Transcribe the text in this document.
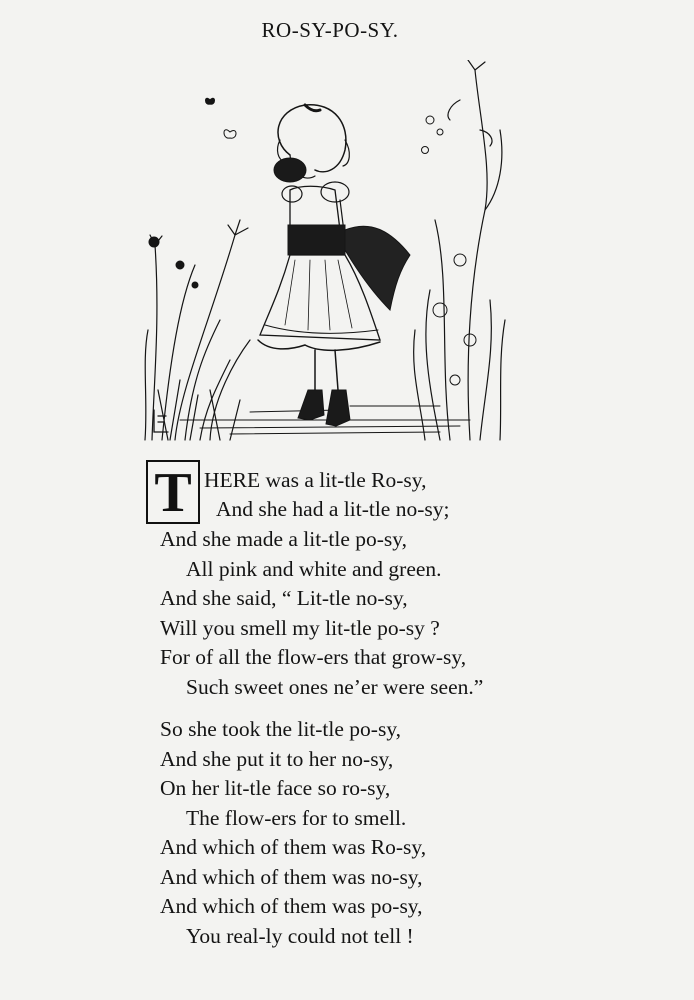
RO-SY-PO-SY.
T HERE was a lit-tle Ro-sy,
And she had a lit-tle no-sy;
And she made a lit-tle po-sy,
All pink and white and green.
And she said, “ Lit-tle no-sy,
Will you smell my lit-tle po-sy ?
For of all the flow-ers that grow-sy,
Such sweet ones ne’er were seen.”
So she took the lit-tle po-sy,
And she put it to her no-sy,
On her lit-tle face so ro-sy,
The flow-ers for to smell.
And which of them was Ro-sy,
And which of them was no-sy,
And which of them was po-sy,
You real-ly could not tell !
